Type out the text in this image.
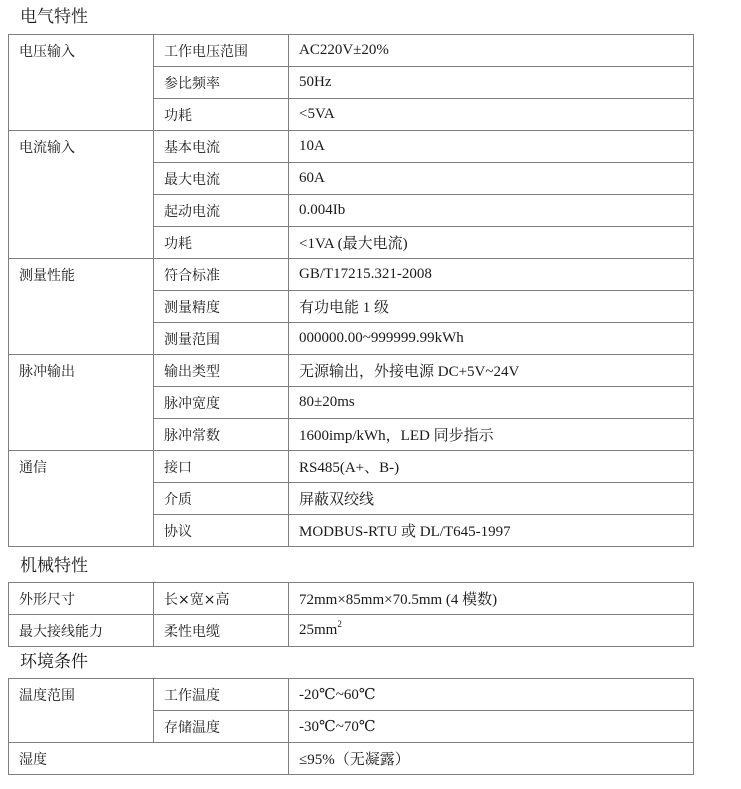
电气特性
电压输入	工作电压范围	AC220V±20%
	参比频率	50Hz
	功耗	<5VA
电流输入	基本电流	10A
	最大电流	60A
	起动电流	0.004Ib
	功耗	<1VA (最大电流)
测量性能	符合标准	GB/T17215.321-2008
	测量精度	有功电能 1 级
	测量范围	000000.00~999999.99kWh
脉冲输出	输出类型	无源输出，外接电源 DC+5V~24V
	脉冲宽度	80±20ms
	脉冲常数	1600imp/kWh，LED 同步指示
通信	接口	RS485(A+、B-)
	介质	屏蔽双绞线
	协议	MODBUS-RTU 或 DL/T645-1997
机械特性
外形尺寸	长×宽×高	72mm×85mm×70.5mm (4 模数)
最大接线能力	柔性电缆	$25mm^2$
环境条件
温度范围	工作温度	-20℃~60℃
	存储温度	-30℃~70℃
湿度		≤95%（无凝露）
